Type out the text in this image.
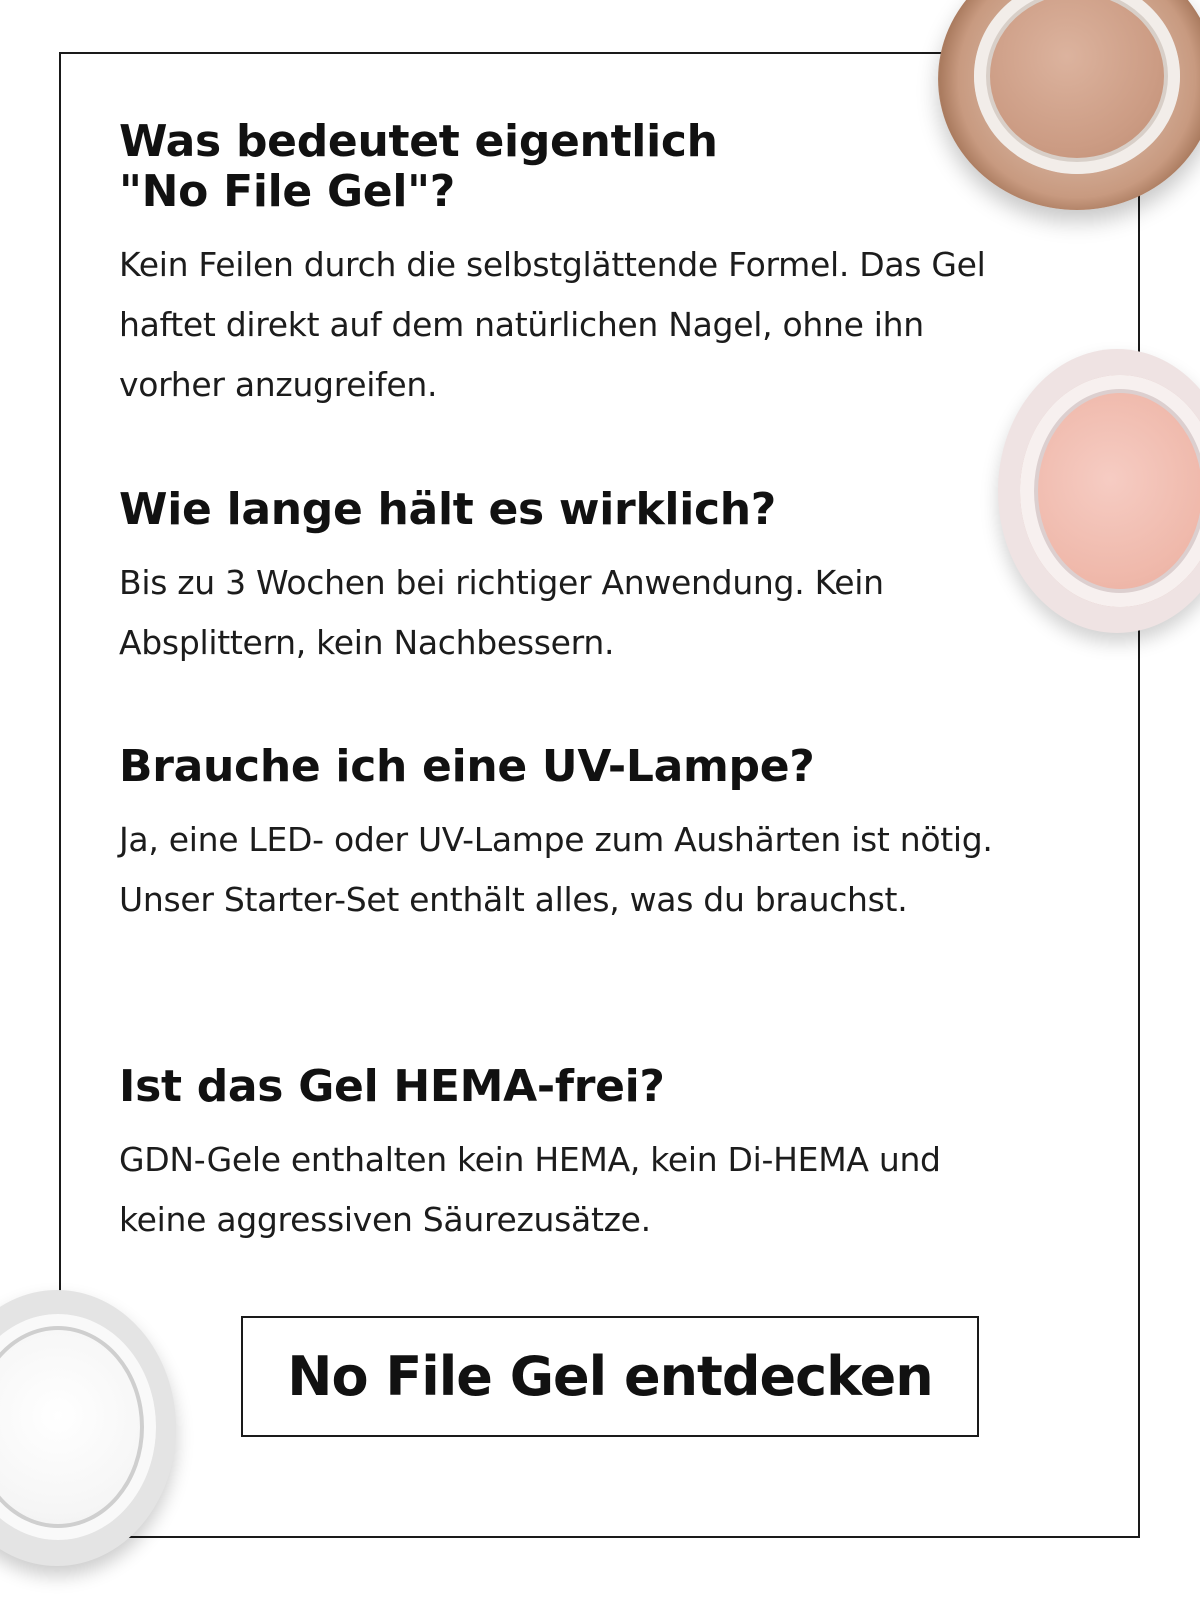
Was bedeutet eigentlich "No File Gel"?

Kein Feilen durch die selbstglättende Formel. Das Gel haftet direkt auf dem natürlichen Nagel, ohne ihn vorher anzugreifen.

Wie lange hält es wirklich?

Bis zu 3 Wochen bei richtiger Anwendung. Kein Absplittern, kein Nachbessern.

Brauche ich eine UV-Lampe?

Ja, eine LED- oder UV-Lampe zum Aushärten ist nötig. Unser Starter-Set enthält alles, was du brauchst.

Ist das Gel HEMA-frei?

GDN-Gele enthalten kein HEMA, kein Di-HEMA und keine aggressiven Säurezusätze.

No File Gel entdecken
